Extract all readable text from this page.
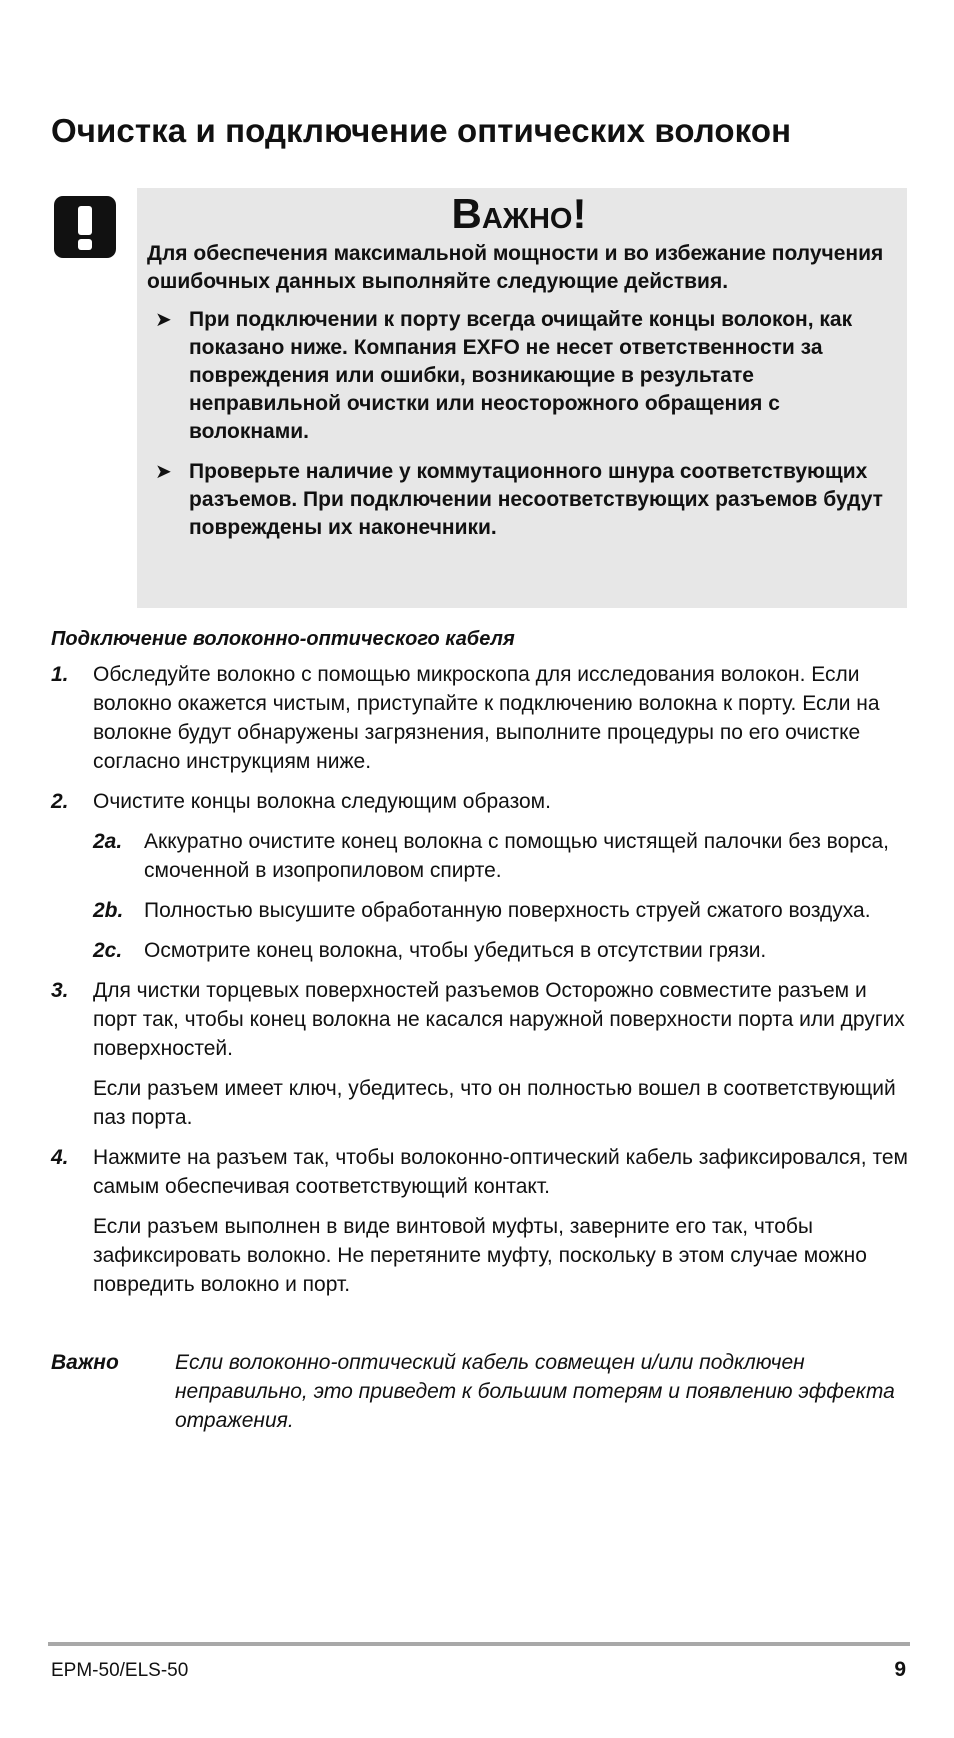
Очистка и подключение оптических волокон
Важно!

Для обеспечения максимальной мощности и во избежание получения ошибочных данных выполняйте следующие действия.

➤ При подключении к порту всегда очищайте концы волокон, как показано ниже. Компания EXFO не несет ответственности за повреждения или ошибки, возникающие в результате неправильной очистки или неосторожного обращения с волокнами.
➤ Проверьте наличие у коммутационного шнура соответствующих разъемов. При подключении несоответствующих разъемов будут повреждены их наконечники.
Подключение волоконно-оптического кабеля
1. Обследуйте волокно с помощью микроскопа для исследования волокон. Если волокно окажется чистым, приступайте к подключению волокна к порту. Если на волокне будут обнаружены загрязнения, выполните процедуры по его очистке согласно инструкциям ниже.

2. Очистите концы волокна следующим образом.

2a. Аккуратно очистите конец волокна с помощью чистящей палочки без ворса, смоченной в изопропиловом спирте.
2b. Полностью высушите обработанную поверхность струей сжатого воздуха.
2c. Осмотрите конец волокна, чтобы убедиться в отсутствии грязи.
3. Для чистки торцевых поверхностей разъемов Осторожно совместите разъем и порт так, чтобы конец волокна не касался наружной поверхности порта или других поверхностей.

Если разъем имеет ключ, убедитесь, что он полностью вошел в соответствующий паз порта.

4. Нажмите на разъем так, чтобы волоконно-оптический кабель зафиксировался, тем самым обеспечивая соответствующий контакт.

Если разъем выполнен в виде винтовой муфты, заверните его так, чтобы зафиксировать волокно. Не перетяните муфту, поскольку в этом случае можно повредить волокно и порт.

Важно	Если волоконно-оптический кабель совмещен и/или подключен неправильно, это приведет к большим потерям и появлению эффекта отражения.
EPM-50/ELS-50	9
